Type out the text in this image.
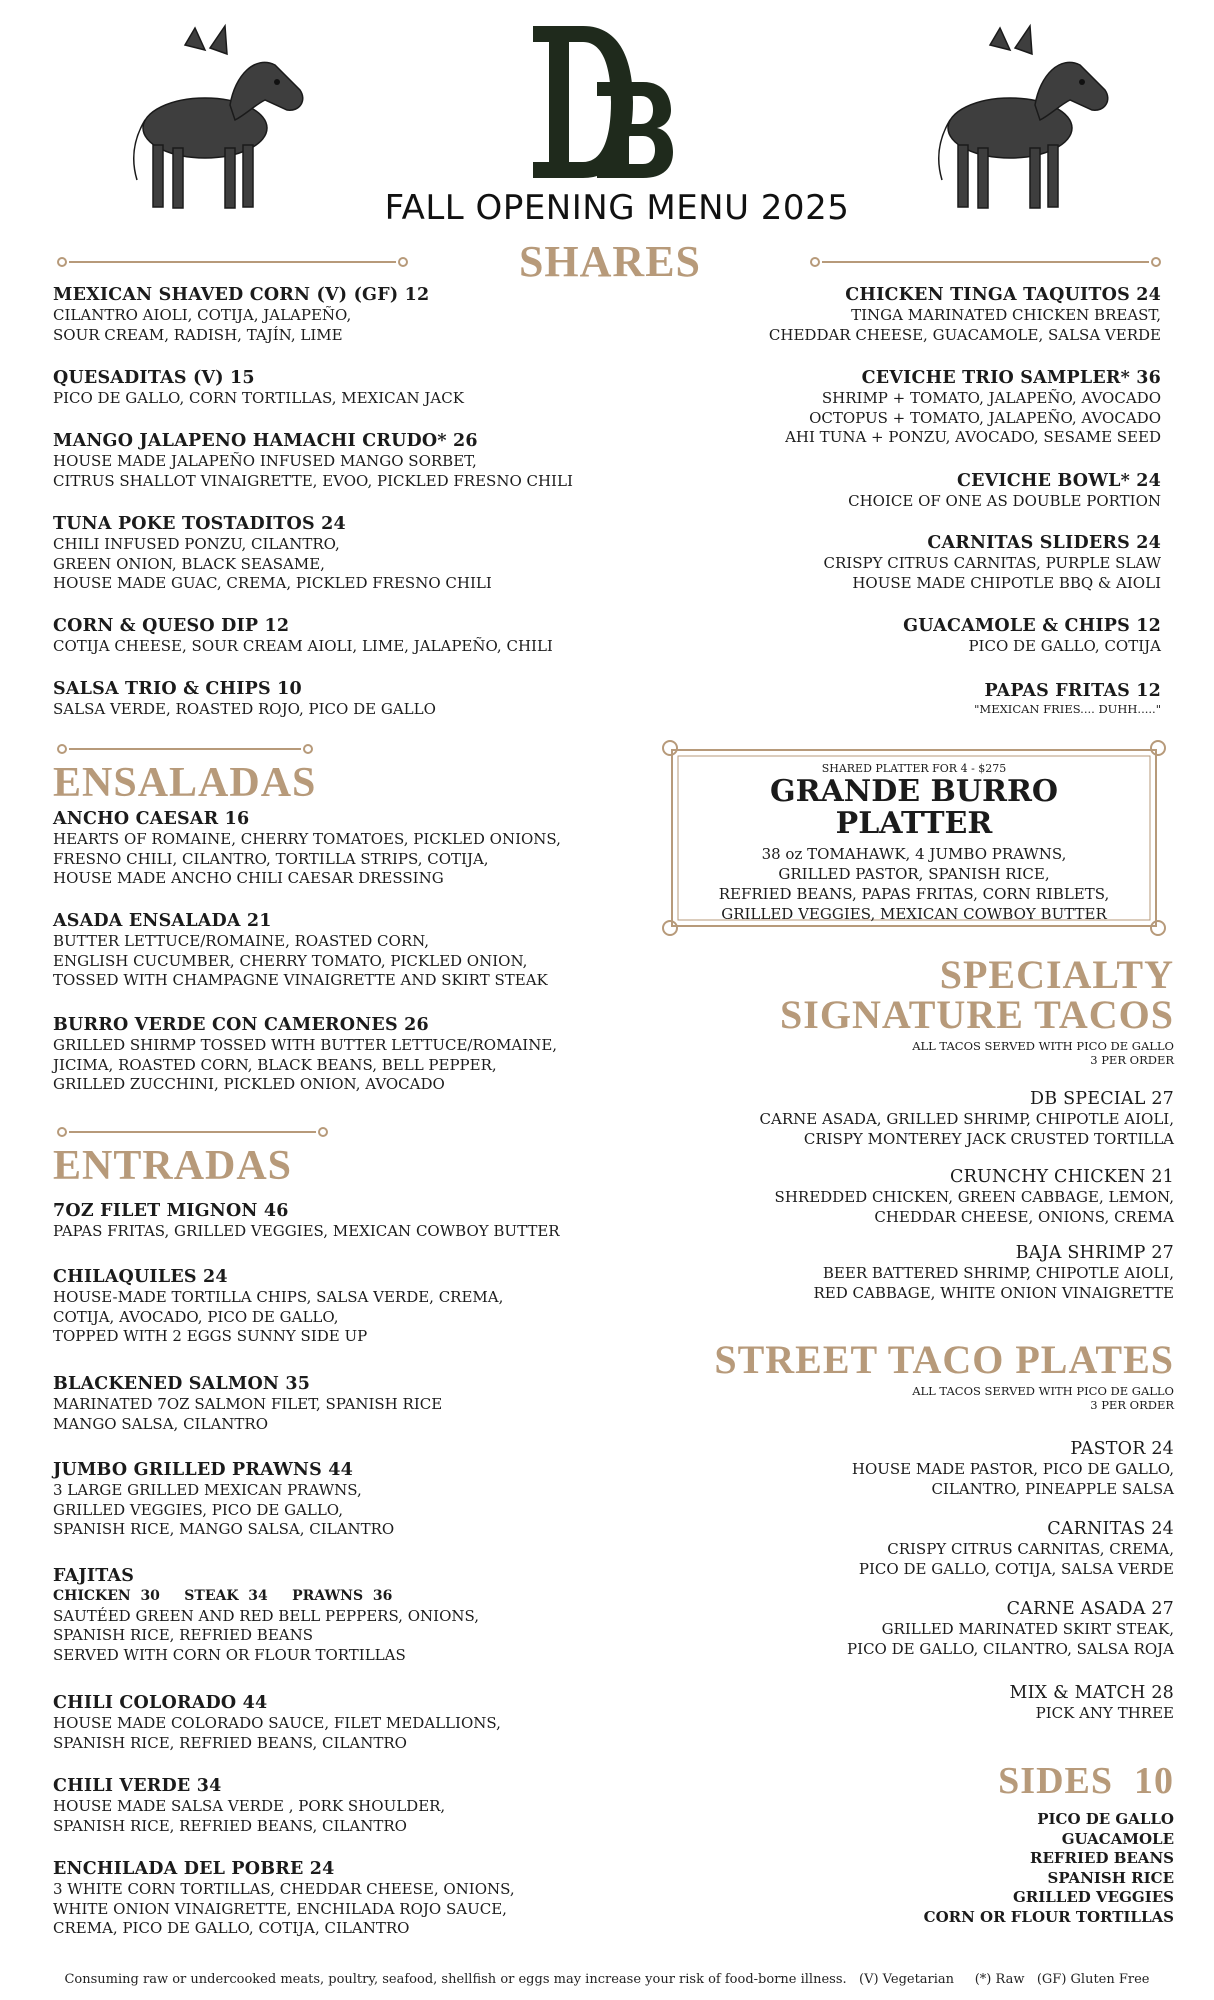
FALL OPENING MENU 2025
SHARES
MEXICAN SHAVED CORN (V) (GF) 12
CILANTRO AIOLI, COTIJA, JALAPEÑO,
SOUR CREAM, RADISH, TAJÍN, LIME
QUESADITAS (V) 15
PICO DE GALLO, CORN TORTILLAS, MEXICAN JACK
MANGO JALAPENO HAMACHI CRUDO* 26
HOUSE MADE JALAPEÑO INFUSED MANGO SORBET,
CITRUS SHALLOT VINAIGRETTE, EVOO, PICKLED FRESNO CHILI
TUNA POKE TOSTADITOS 24
CHILI INFUSED PONZU, CILANTRO,
GREEN ONION, BLACK SEASAME,
HOUSE MADE GUAC, CREMA, PICKLED FRESNO CHILI
CORN & QUESO DIP 12
COTIJA CHEESE, SOUR CREAM AIOLI, LIME, JALAPEÑO, CHILI
SALSA TRIO & CHIPS 10
SALSA VERDE, ROASTED ROJO, PICO DE GALLO
CHICKEN TINGA TAQUITOS 24
TINGA MARINATED CHICKEN BREAST,
CHEDDAR CHEESE, GUACAMOLE, SALSA VERDE
CEVICHE TRIO SAMPLER* 36
SHRIMP + TOMATO, JALAPEÑO, AVOCADO
OCTOPUS + TOMATO, JALAPEÑO, AVOCADO
AHI TUNA + PONZU, AVOCADO, SESAME SEED
CEVICHE BOWL* 24
CHOICE OF ONE AS DOUBLE PORTION
CARNITAS SLIDERS 24
CRISPY CITRUS CARNITAS, PURPLE SLAW
HOUSE MADE CHIPOTLE BBQ & AIOLI
GUACAMOLE & CHIPS 12
PICO DE GALLO, COTIJA
PAPAS FRITAS 12
"MEXICAN FRIES.... DUHH....."
SHARED PLATTER FOR 4 - $275
GRANDE BURRO
PLATTER
38 oz TOMAHAWK, 4 JUMBO PRAWNS,
GRILLED PASTOR, SPANISH RICE,
REFRIED BEANS, PAPAS FRITAS, CORN RIBLETS,
GRILLED VEGGIES, MEXICAN COWBOY BUTTER
ENSALADAS
ANCHO CAESAR 16
HEARTS OF ROMAINE, CHERRY TOMATOES, PICKLED ONIONS,
FRESNO CHILI, CILANTRO, TORTILLA STRIPS, COTIJA,
HOUSE MADE ANCHO CHILI CAESAR DRESSING
ASADA ENSALADA 21
BUTTER LETTUCE/ROMAINE, ROASTED CORN,
ENGLISH CUCUMBER, CHERRY TOMATO, PICKLED ONION,
TOSSED WITH CHAMPAGNE VINAIGRETTE AND SKIRT STEAK
BURRO VERDE CON CAMERONES 26
GRILLED SHIRMP TOSSED WITH BUTTER LETTUCE/ROMAINE,
JICIMA, ROASTED CORN, BLACK BEANS, BELL PEPPER,
GRILLED ZUCCHINI, PICKLED ONION, AVOCADO
ENTRADAS
7OZ FILET MIGNON 46
PAPAS FRITAS, GRILLED VEGGIES, MEXICAN COWBOY BUTTER
CHILAQUILES 24
HOUSE-MADE TORTILLA CHIPS, SALSA VERDE, CREMA,
COTIJA, AVOCADO, PICO DE GALLO,
TOPPED WITH 2 EGGS SUNNY SIDE UP
BLACKENED SALMON 35
MARINATED 7OZ SALMON FILET, SPANISH RICE
MANGO SALSA, CILANTRO
JUMBO GRILLED PRAWNS 44
3 LARGE GRILLED MEXICAN PRAWNS,
GRILLED VEGGIES, PICO DE GALLO,
SPANISH RICE, MANGO SALSA, CILANTRO
FAJITAS
CHICKEN  30     STEAK  34     PRAWNS  36
SAUTÉED GREEN AND RED BELL PEPPERS, ONIONS,
SPANISH RICE, REFRIED BEANS
SERVED WITH CORN OR FLOUR TORTILLAS
CHILI COLORADO 44
HOUSE MADE COLORADO SAUCE, FILET MEDALLIONS,
SPANISH RICE, REFRIED BEANS, CILANTRO
CHILI VERDE 34
HOUSE MADE SALSA VERDE , PORK SHOULDER,
SPANISH RICE, REFRIED BEANS, CILANTRO
ENCHILADA DEL POBRE 24
3 WHITE CORN TORTILLAS, CHEDDAR CHEESE, ONIONS,
WHITE ONION VINAIGRETTE, ENCHILADA ROJO SAUCE,
CREMA, PICO DE GALLO, COTIJA, CILANTRO
SPECIALTY
SIGNATURE TACOS
ALL TACOS SERVED WITH PICO DE GALLO
3 PER ORDER
DB SPECIAL 27
CARNE ASADA, GRILLED SHRIMP, CHIPOTLE AIOLI,
CRISPY MONTEREY JACK CRUSTED TORTILLA
CRUNCHY CHICKEN 21
SHREDDED CHICKEN, GREEN CABBAGE, LEMON,
CHEDDAR CHEESE, ONIONS, CREMA
BAJA SHRIMP 27
BEER BATTERED SHRIMP, CHIPOTLE AIOLI,
RED CABBAGE, WHITE ONION VINAIGRETTE
STREET TACO PLATES
ALL TACOS SERVED WITH PICO DE GALLO
3 PER ORDER
PASTOR 24
HOUSE MADE PASTOR, PICO DE GALLO,
CILANTRO, PINEAPPLE SALSA
CARNITAS 24
CRISPY CITRUS CARNITAS, CREMA,
PICO DE GALLO, COTIJA, SALSA VERDE
CARNE ASADA 27
GRILLED MARINATED SKIRT STEAK,
PICO DE GALLO, CILANTRO, SALSA ROJA
MIX & MATCH 28
PICK ANY THREE
SIDES  10
PICO DE GALLO
GUACAMOLE
REFRIED BEANS
SPANISH RICE
GRILLED VEGGIES
CORN OR FLOUR TORTILLAS
Consuming raw or undercooked meats, poultry, seafood, shellfish or eggs may increase your risk of food-borne illness.   (V) Vegetarian     (*) Raw   (GF) Gluten Free
